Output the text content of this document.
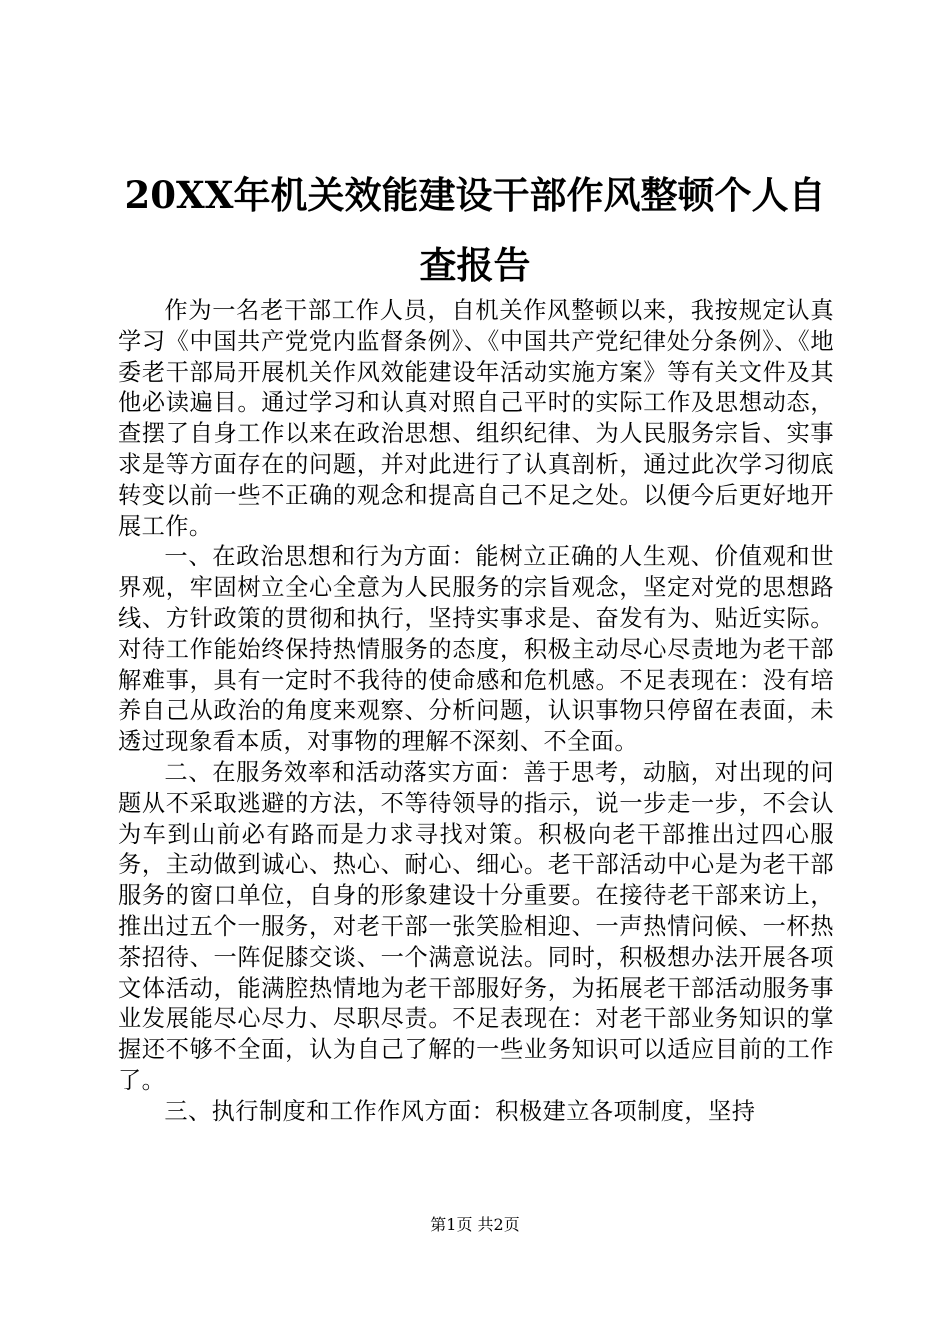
20XX年机关效能建设干部作风整顿个人自查报告

作为一名老干部工作人员，自机关作风整顿以来，我按规定认真学习《中国共产党党内监督条例》、《中国共产党纪律处分条例》、《地委老干部局开展机关作风效能建设年活动实施方案》等有关文件及其他必读遍目。通过学习和认真对照自己平时的实际工作及思想动态，查摆了自身工作以来在政治思想、组织纪律、为人民服务宗旨、实事求是等方面存在的问题，并对此进行了认真剖析，通过此次学习彻底转变以前一些不正确的观念和提高自己不足之处。以便今后更好地开展工作。

一、在政治思想和行为方面：能树立正确的人生观、价值观和世界观，牢固树立全心全意为人民服务的宗旨观念，坚定对党的思想路线、方针政策的贯彻和执行，坚持实事求是、奋发有为、贴近实际。对待工作能始终保持热情服务的态度，积极主动尽心尽责地为老干部解难事，具有一定时不我待的使命感和危机感。不足表现在：没有培养自己从政治的角度来观察、分析问题，认识事物只停留在表面，未透过现象看本质，对事物的理解不深刻、不全面。

二、在服务效率和活动落实方面：善于思考，动脑，对出现的问题从不采取逃避的方法，不等待领导的指示，说一步走一步，不会认为车到山前必有路而是力求寻找对策。积极向老干部推出过四心服务，主动做到诚心、热心、耐心、细心。老干部活动中心是为老干部服务的窗口单位，自身的形象建设十分重要。在接待老干部来访上，推出过五个一服务，对老干部一张笑脸相迎、一声热情问候、一杯热茶招待、一阵促膝交谈、一个满意说法。同时，积极想办法开展各项文体活动，能满腔热情地为老干部服好务，为拓展老干部活动服务事业发展能尽心尽力、尽职尽责。不足表现在：对老干部业务知识的掌握还不够不全面，认为自己了解的一些业务知识可以适应目前的工作了。

三、执行制度和工作作风方面：积极建立各项制度，坚持

第1页 共2页
